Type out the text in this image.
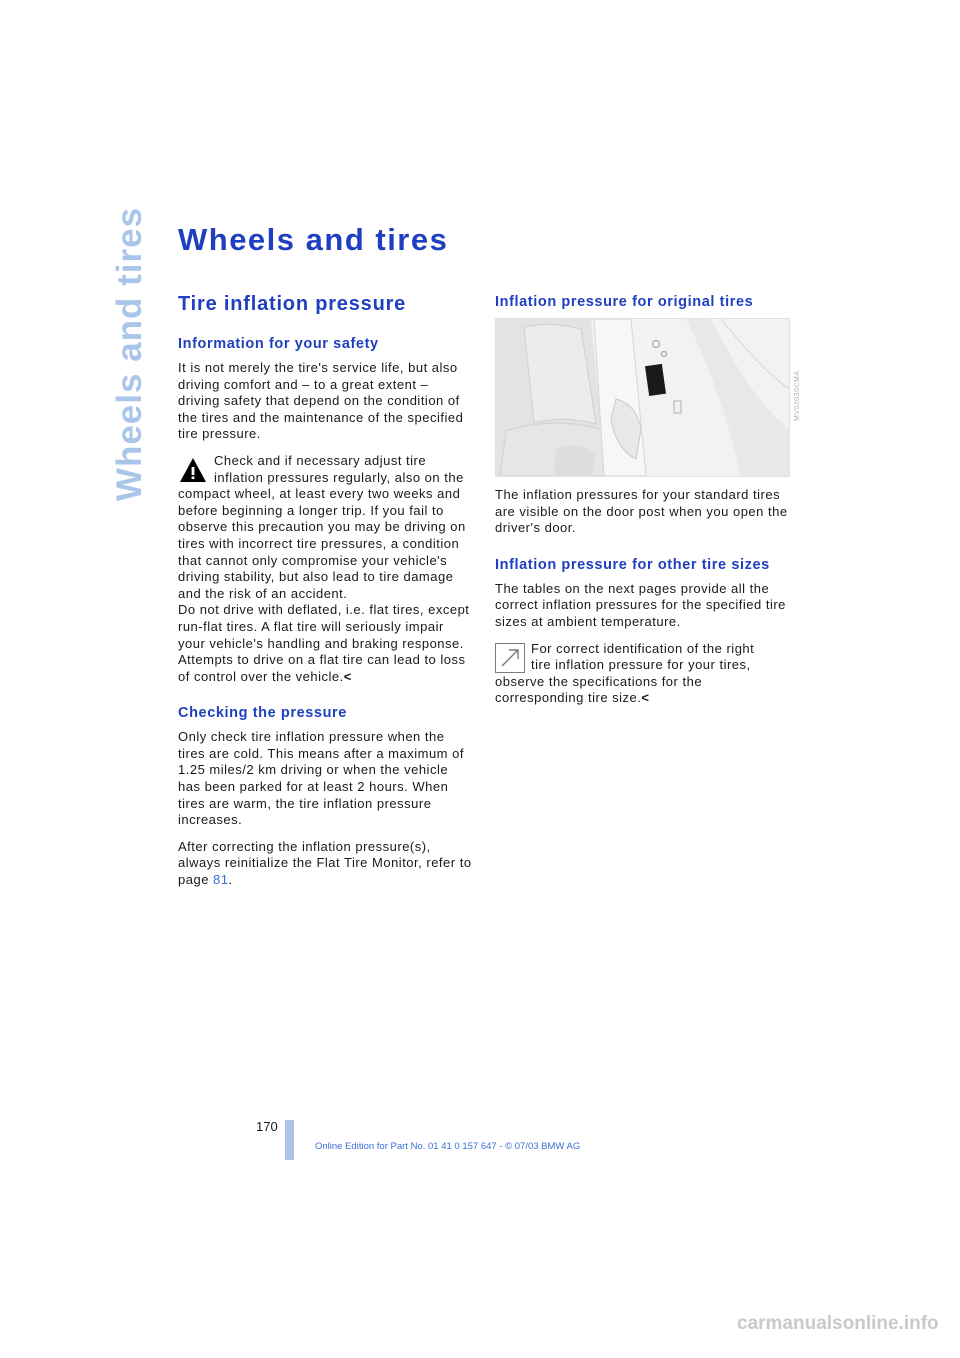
Wheels and tires Wheels and tires
Tire inflation pressure
Information for your safety

It is not merely the tire's service life, but also driving comfort and – to a great extent – driving safety that depend on the condition of the tires and the maintenance of the specified tire pressure.

Check and if necessary adjust tire
inflation pressures regularly, also on the compact wheel, at least every two weeks and before beginning a longer trip. If you fail to observe this precaution you may be driving on tires with incorrect tire pressures, a condition that cannot only compromise your vehicle's driving stability, but also lead to tire damage and the risk of an accident.
Do not drive with deflated, i.e. flat tires, except run-flat tires. A flat tire will seriously impair your vehicle's handling and braking response. Attempts to drive on a flat tire can lead to loss of control over the vehicle.<
Checking the pressure

Only check tire inflation pressure when the tires are cold. This means after a maximum of 1.25 miles/2 km driving or when the vehicle has been parked for at least 2 hours. When tires are warm, the tire inflation pressure increases.

After correcting the inflation pressure(s), always reinitialize the Flat Tire Monitor, refer to page 81.

Inflation pressure for original tires

The inflation pressures for your standard tires are visible on the door post when you open the driver's door.

Inflation pressure for other tire sizes

The tables on the next pages provide all the correct inflation pressures for the specified tire sizes at ambient temperature.

For correct identification of the right
tire inflation pressure for your tires, observe the specifications for the corresponding tire size.<
MV02030CMA
170
Online Edition for Part No. 01 41 0 157 647 - © 07/03 BMW AG
carmanualsonline.info
